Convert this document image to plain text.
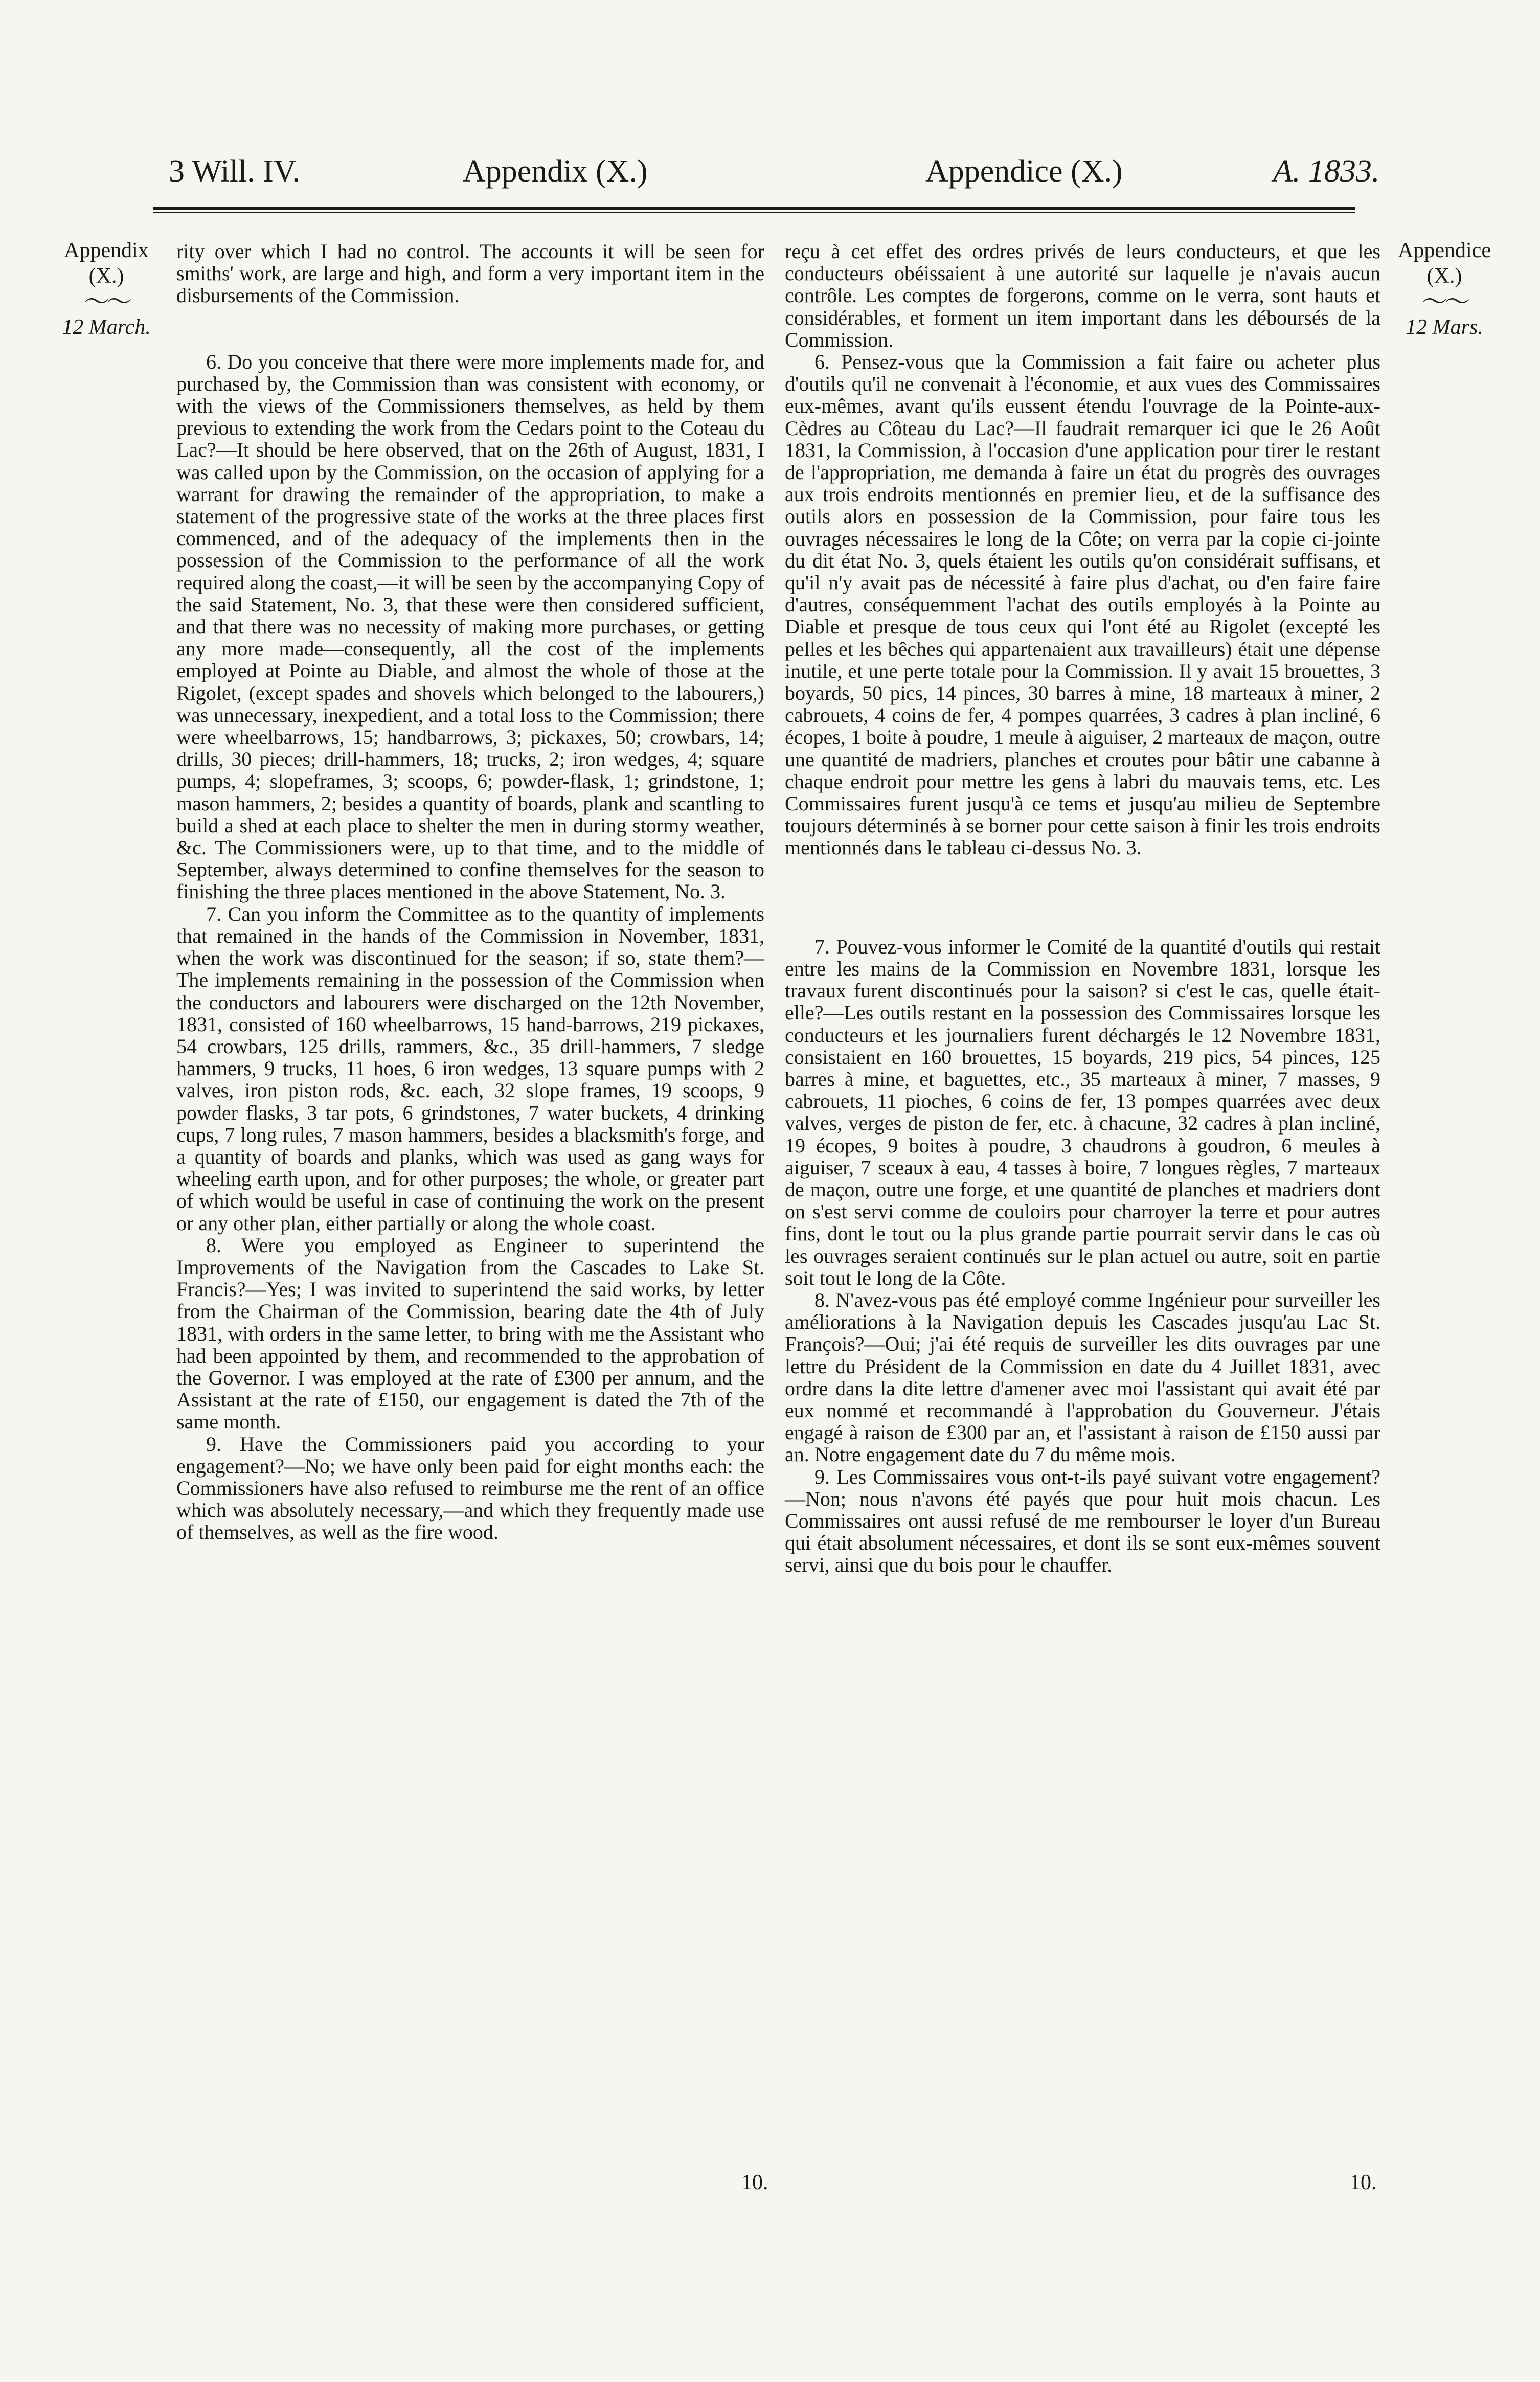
3 Will. IV.	Appendix (X.)	Appendice (X.)	A. 1833.
Appendix
(X.)
〜〜
12 March.
Appendice
(X.)
〜〜
12 Mars.

rity over which I had no control. The accounts it will be seen for smiths' work, are large and high, and form a very important item in the disbursements of the Commission.

6. Do you conceive that there were more implements made for, and purchased by, the Commission than was consistent with economy, or with the views of the Commissioners themselves, as held by them previous to extending the work from the Cedars point to the Coteau du Lac?—It should be here observed, that on the 26th of August, 1831, I was called upon by the Commission, on the occasion of applying for a warrant for drawing the remainder of the appropriation, to make a statement of the progressive state of the works at the three places first commenced, and of the adequacy of the implements then in the possession of the Commission to the performance of all the work required along the coast,—it will be seen by the accompanying Copy of the said Statement, No. 3, that these were then considered sufficient, and that there was no necessity of making more purchases, or getting any more made—consequently, all the cost of the implements employed at Pointe au Diable, and almost the whole of those at the Rigolet, (except spades and shovels which belonged to the labourers,) was unnecessary, inexpedient, and a total loss to the Commission; there were wheelbarrows, 15; handbarrows, 3; pickaxes, 50; crowbars, 14; drills, 30 pieces; drill-hammers, 18; trucks, 2; iron wedges, 4; square pumps, 4; slopeframes, 3; scoops, 6; powder-flask, 1; grindstone, 1; mason hammers, 2; besides a quantity of boards, plank and scantling to build a shed at each place to shelter the men in during stormy weather, &c. The Commissioners were, up to that time, and to the middle of September, always determined to confine themselves for the season to finishing the three places mentioned in the above Statement, No. 3.

7. Can you inform the Committee as to the quantity of implements that remained in the hands of the Commission in November, 1831, when the work was discontinued for the season; if so, state them?—The implements remaining in the possession of the Commission when the conductors and labourers were discharged on the 12th November, 1831, consisted of 160 wheelbarrows, 15 hand-barrows, 219 pickaxes, 54 crowbars, 125 drills, rammers, &c., 35 drill-hammers, 7 sledge hammers, 9 trucks, 11 hoes, 6 iron wedges, 13 square pumps with 2 valves, iron piston rods, &c. each, 32 slope frames, 19 scoops, 9 powder flasks, 3 tar pots, 6 grindstones, 7 water buckets, 4 drinking cups, 7 long rules, 7 mason hammers, besides a blacksmith's forge, and a quantity of boards and planks, which was used as gang ways for wheeling earth upon, and for other purposes; the whole, or greater part of which would be useful in case of continuing the work on the present or any other plan, either partially or along the whole coast.

8. Were you employed as Engineer to superintend the Improvements of the Navigation from the Cascades to Lake St. Francis?—Yes; I was invited to superintend the said works, by letter from the Chairman of the Commission, bearing date the 4th of July 1831, with orders in the same letter, to bring with me the Assistant who had been appointed by them, and recommended to the approbation of the Governor. I was employed at the rate of £300 per annum, and the Assistant at the rate of £150, our engagement is dated the 7th of the same month.

9. Have the Commissioners paid you according to your engagement?—No; we have only been paid for eight months each: the Commissioners have also refused to reimburse me the rent of an office which was absolutely necessary,—and which they frequently made use of themselves, as well as the fire wood.

reçu à cet effet des ordres privés de leurs conducteurs, et que les conducteurs obéissaient à une autorité sur laquelle je n'avais aucun contrôle. Les comptes de forgerons, comme on le verra, sont hauts et considérables, et forment un item important dans les déboursés de la Commission.

6. Pensez-vous que la Commission a fait faire ou acheter plus d'outils qu'il ne convenait à l'économie, et aux vues des Commissaires eux-mêmes, avant qu'ils eussent étendu l'ouvrage de la Pointe-aux-Cèdres au Côteau du Lac?—Il faudrait remarquer ici que le 26 Août 1831, la Commission, à l'occasion d'une application pour tirer le restant de l'appropriation, me demanda à faire un état du progrès des ouvrages aux trois endroits mentionnés en premier lieu, et de la suffisance des outils alors en possession de la Commission, pour faire tous les ouvrages nécessaires le long de la Côte; on verra par la copie ci-jointe du dit état No. 3, quels étaient les outils qu'on considérait suffisans, et qu'il n'y avait pas de nécessité à faire plus d'achat, ou d'en faire faire d'autres, conséquemment l'achat des outils employés à la Pointe au Diable et presque de tous ceux qui l'ont été au Rigolet (excepté les pelles et les bêches qui appartenaient aux travailleurs) était une dépense inutile, et une perte totale pour la Commission. Il y avait 15 brouettes, 3 boyards, 50 pics, 14 pinces, 30 barres à mine, 18 marteaux à miner, 2 cabrouets, 4 coins de fer, 4 pompes quarrées, 3 cadres à plan incliné, 6 écopes, 1 boite à poudre, 1 meule à aiguiser, 2 marteaux de maçon, outre une quantité de madriers, planches et croutes pour bâtir une cabanne à chaque endroit pour mettre les gens à labri du mauvais tems, etc. Les Commissaires furent jusqu'à ce tems et jusqu'au milieu de Septembre toujours déterminés à se borner pour cette saison à finir les trois endroits mentionnés dans le tableau ci-dessus No. 3.

7. Pouvez-vous informer le Comité de la quantité d'outils qui restait entre les mains de la Commission en Novembre 1831, lorsque les travaux furent discontinués pour la saison? si c'est le cas, quelle était-elle?—Les outils restant en la possession des Commissaires lorsque les conducteurs et les journaliers furent déchargés le 12 Novembre 1831, consistaient en 160 brouettes, 15 boyards, 219 pics, 54 pinces, 125 barres à mine, et baguettes, etc., 35 marteaux à miner, 7 masses, 9 cabrouets, 11 pioches, 6 coins de fer, 13 pompes quarrées avec deux valves, verges de piston de fer, etc. à chacune, 32 cadres à plan incliné, 19 écopes, 9 boites à poudre, 3 chaudrons à goudron, 6 meules à aiguiser, 7 sceaux à eau, 4 tasses à boire, 7 longues règles, 7 marteaux de maçon, outre une forge, et une quantité de planches et madriers dont on s'est servi comme de couloirs pour charroyer la terre et pour autres fins, dont le tout ou la plus grande partie pourrait servir dans le cas où les ouvrages seraient continués sur le plan actuel ou autre, soit en partie soit tout le long de la Côte.

8. N'avez-vous pas été employé comme Ingénieur pour surveiller les améliorations à la Navigation depuis les Cascades jusqu'au Lac St. François?—Oui; j'ai été requis de surveiller les dits ouvrages par une lettre du Président de la Commission en date du 4 Juillet 1831, avec ordre dans la dite lettre d'amener avec moi l'assistant qui avait été par eux nommé et recommandé à l'approbation du Gouverneur. J'étais engagé à raison de £300 par an, et l'assistant à raison de £150 aussi par an. Notre engagement date du 7 du même mois.

9. Les Commissaires vous ont-t-ils payé suivant votre engagement?—Non; nous n'avons été payés que pour huit mois chacun. Les Commissaires ont aussi refusé de me rembourser le loyer d'un Bureau qui était absolument nécessaires, et dont ils se sont eux-mêmes souvent servi, ainsi que du bois pour le chauffer.

10.	10.
